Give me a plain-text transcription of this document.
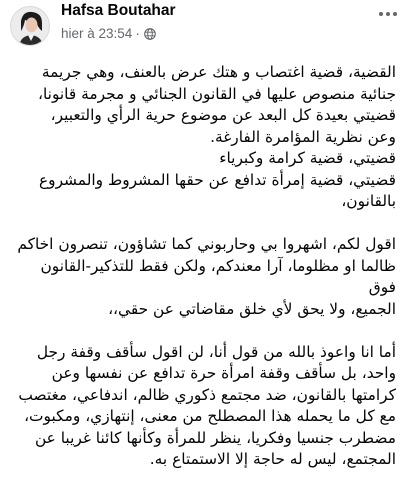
Hafsa Boutahar
hier à 23:54 ·

القضية، قضية اغتصاب و هتك عرض بالعنف، وهي جريمة
جنائية منصوص عليها في القانون الجنائي و مجرمة قانونا،
قضيتي بعيدة كل البعد عن موضوع حرية الرأي والتعبير،
وعن نظرية المؤامرة الفارغة.
قضيتي، قضية كرامة وكبرياء
قضيتي، قضية إمرأة تدافع عن حقها المشروط والمشروع
بالقانون،

اقول لكم، اشهروا بي وحاربوني كما تشاؤون، تنصرون اخاكم
ظالما او مظلوما، آرا معندكم، ولكن فقط للتذكير-القانون فوق
الجميع، ولا يحق لأي خلق مقاضاتي عن حقي،،

أما انا واعوذ بالله من قول أنا، لن اقول سأقف وقفة رجل
واحد، بل سأقف وقفة امرأة حرة تدافع عن نفسها وعن
كرامتها بالقانون، ضد مجتمع ذكوري ظالم، اندفاعي، مغتصب
مع كل ما يحمله هذا المصطلح من معنى، إنتهازي، ومكبوت،
مضطرب جنسيا وفكريا، ينظر للمرأة وكأنها كائنا غريبا عن
المجتمع، ليس له حاجة إلا الاستمتاع به.
